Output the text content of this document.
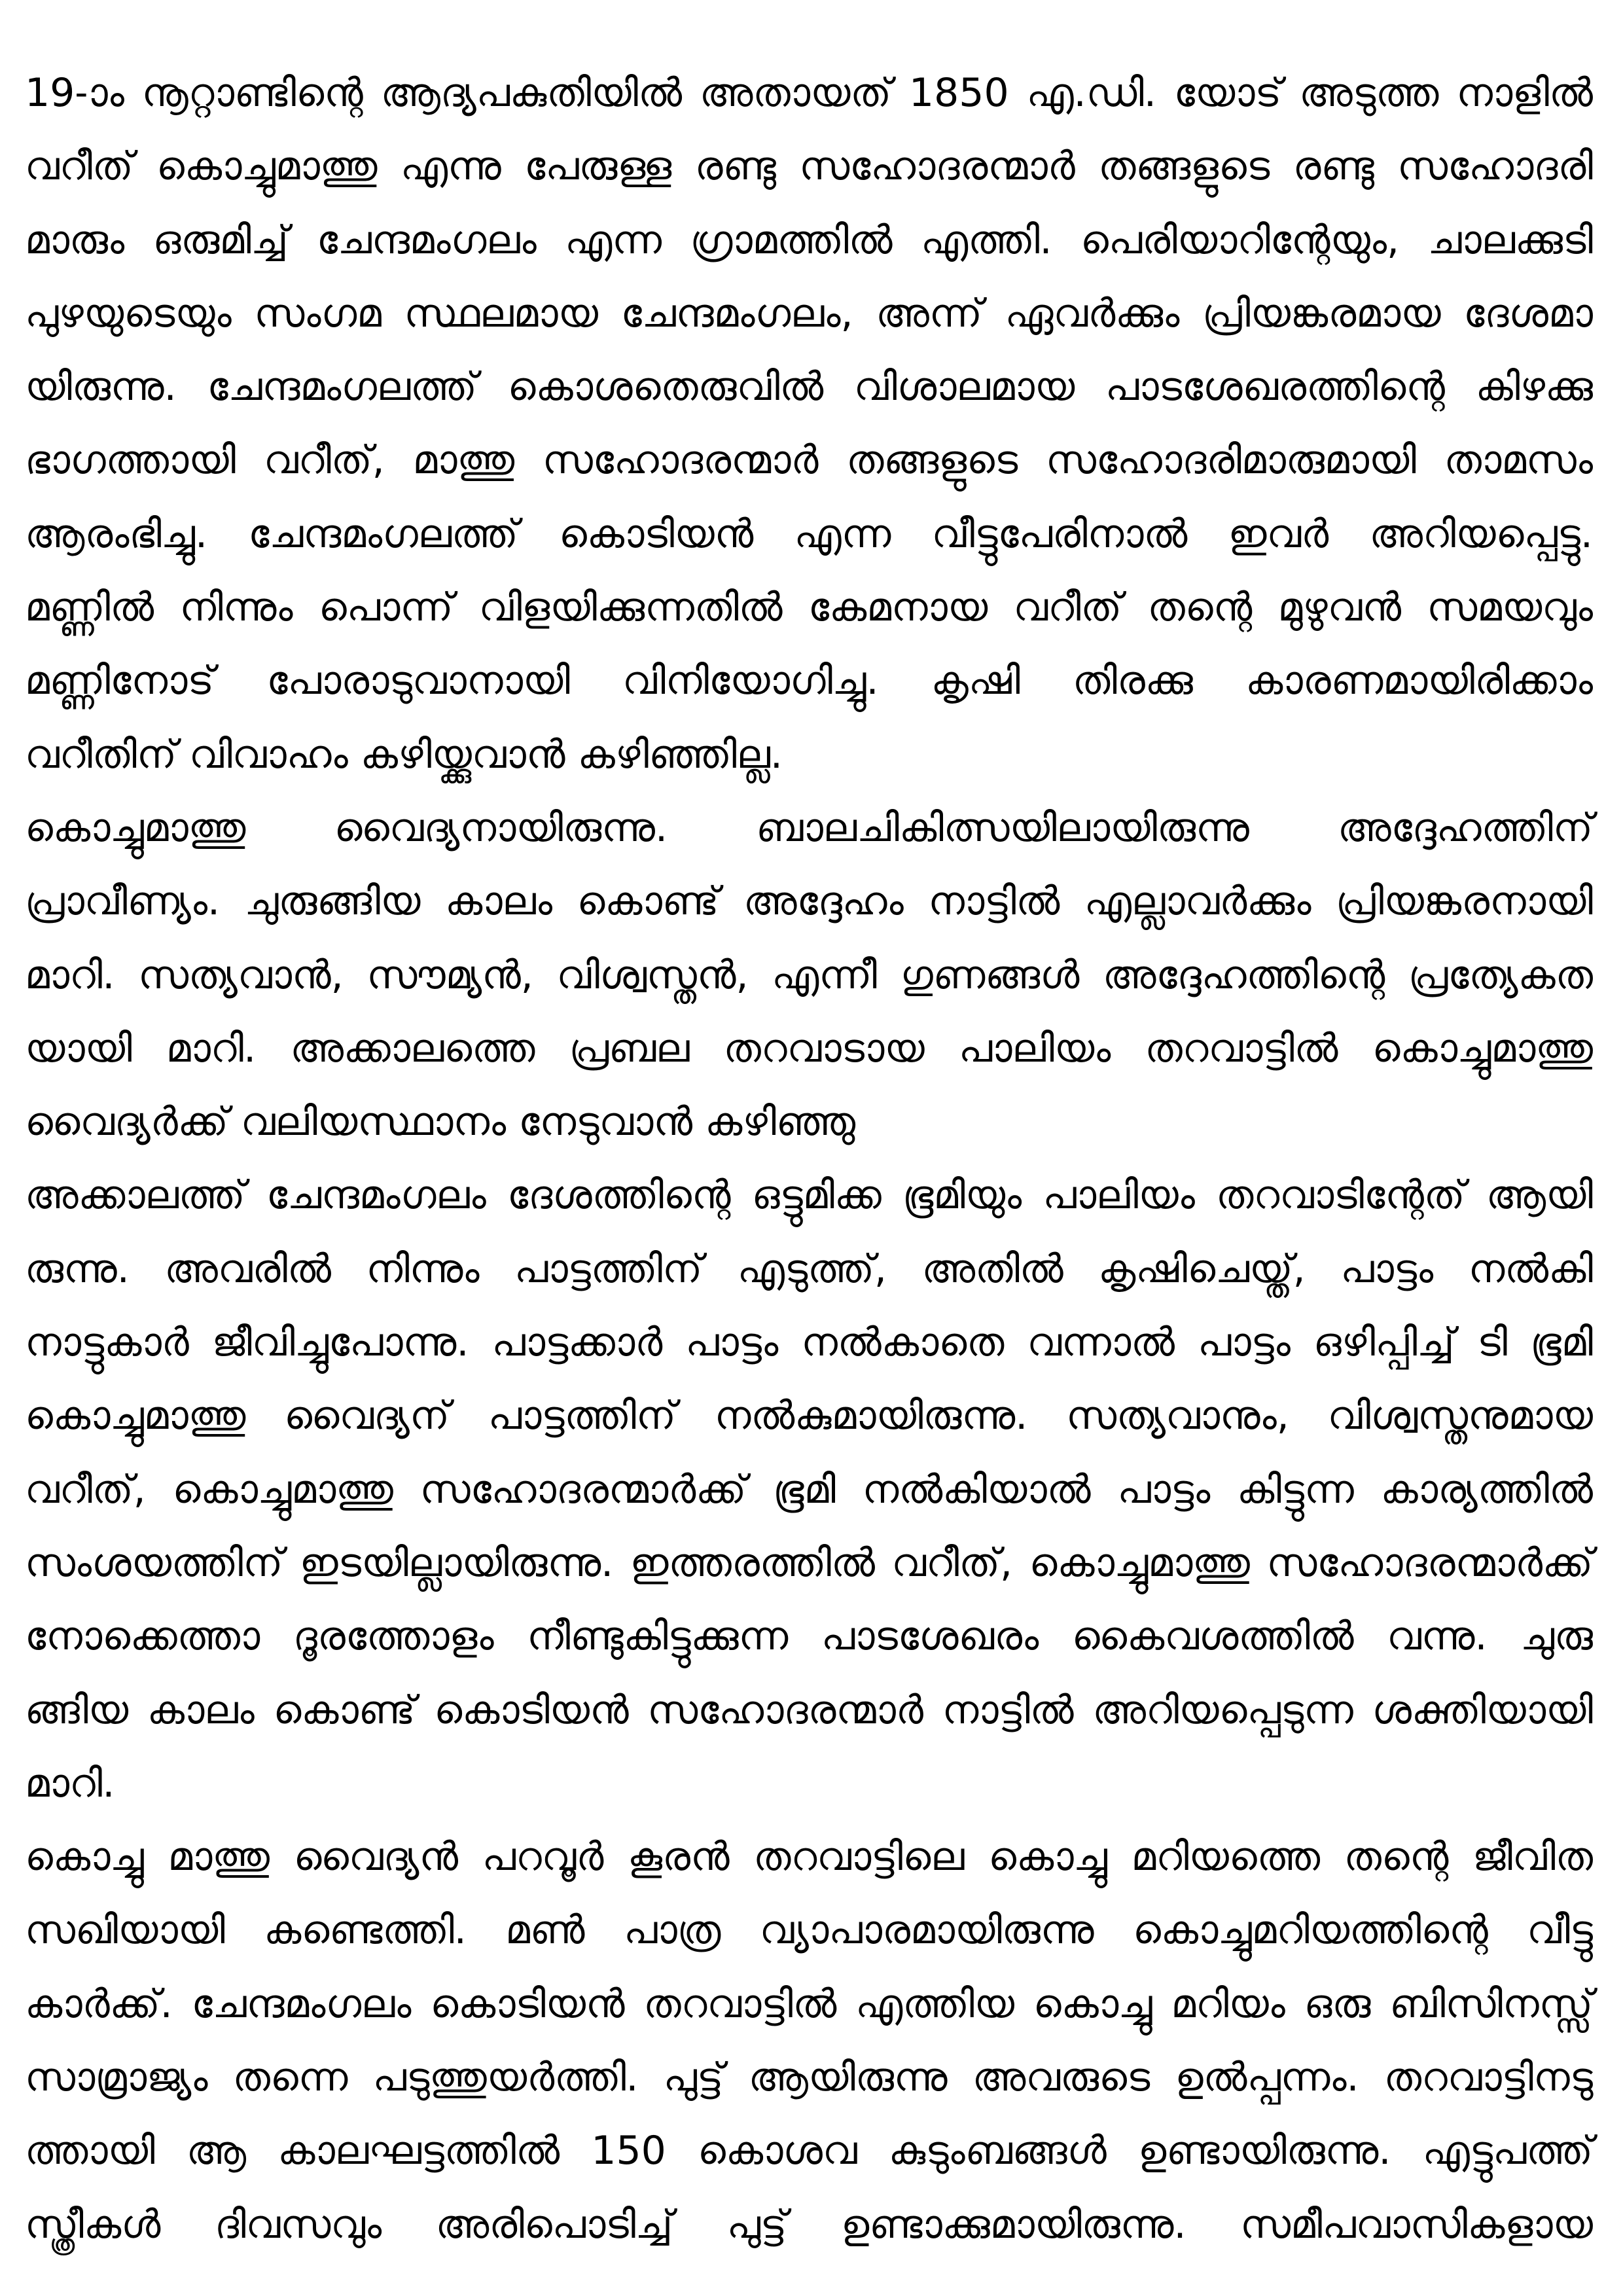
19-ാം നൂറ്റാണ്ടിന്റെ ആദ്യപകുതിയിൽ അതായത് 1850 എ.ഡി. യോട് അടുത്ത നാളിൽ
വറീത് കൊച്ചുമാത്തു എന്നു പേരുള്ള രണ്ടു സഹോദരന്മാർ തങ്ങളുടെ രണ്ടു സഹോദരി
മാരും ഒരുമിച്ച് ചേന്ദമംഗലം എന്ന ഗ്രാമത്തിൽ എത്തി. പെരിയാറിന്റേയും, ചാലക്കുടി
പുഴയുടെയും സംഗമ സ്ഥലമായ ചേന്ദമംഗലം, അന്ന് ഏവർക്കും പ്രിയങ്കരമായ ദേശമാ
യിരുന്നു. ചേന്ദമംഗലത്ത് കൊശതെരുവിൽ വിശാലമായ പാടശേഖരത്തിന്റെ കിഴക്കു
ഭാഗത്തായി വറീത്, മാത്തു സഹോദരന്മാർ തങ്ങളുടെ സഹോദരിമാരുമായി താമസം
ആരംഭിച്ചു. ചേന്ദമംഗലത്ത് കൊടിയൻ എന്ന വീട്ടുപേരിനാൽ ഇവർ അറിയപ്പെട്ടു.
മണ്ണിൽ നിന്നും പൊന്ന് വിളയിക്കുന്നതിൽ കേമനായ വറീത് തന്റെ മുഴുവൻ സമയവും
മണ്ണിനോട് പോരാടുവാനായി വിനിയോഗിച്ചു. കൃഷി തിരക്കു കാരണമായിരിക്കാം
വറീതിന് വിവാഹം കഴിയ്ക്കുവാൻ കഴിഞ്ഞില്ല.
കൊച്ചുമാത്തു വൈദ്യനായിരുന്നു. ബാലചികിത്സയിലായിരുന്നു അദ്ദേഹത്തിന്
പ്രാവീണ്യം. ചുരുങ്ങിയ കാലം കൊണ്ട് അദ്ദേഹം നാട്ടിൽ എല്ലാവർക്കും പ്രിയങ്കരനായി
മാറി. സത്യവാൻ, സൗമ്യൻ, വിശ്വസ്തൻ, എന്നീ ഗുണങ്ങൾ അദ്ദേഹത്തിന്റെ പ്രത്യേകത
യായി മാറി. അക്കാലത്തെ പ്രബല തറവാടായ പാലിയം തറവാട്ടിൽ കൊച്ചുമാത്തു
വൈദ്യർക്ക് വലിയസ്ഥാനം നേടുവാൻ കഴിഞ്ഞു
അക്കാലത്ത് ചേന്ദമംഗലം ദേശത്തിന്റെ ഒട്ടുമിക്ക ഭൂമിയും പാലിയം തറവാടിന്റേത് ആയി
രുന്നു. അവരിൽ നിന്നും പാട്ടത്തിന് എടുത്ത്, അതിൽ കൃഷിചെയ്ത്, പാട്ടം നൽകി
നാട്ടുകാർ ജീവിച്ചുപോന്നു. പാട്ടക്കാർ പാട്ടം നൽകാതെ വന്നാൽ പാട്ടം ഒഴിപ്പിച്ച് ടി ഭൂമി
കൊച്ചുമാത്തു വൈദ്യന് പാട്ടത്തിന് നൽകുമായിരുന്നു. സത്യവാനും, വിശ്വസ്തനുമായ
വറീത്, കൊച്ചുമാത്തു സഹോദരന്മാർക്ക് ഭൂമി നൽകിയാൽ പാട്ടം കിട്ടുന്ന കാര്യത്തിൽ
സംശയത്തിന് ഇടയില്ലായിരുന്നു. ഇത്തരത്തിൽ വറീത്, കൊച്ചുമാത്തു സഹോദരന്മാർക്ക്
നോക്കെത്താ ദൂരത്തോളം നീണ്ടുകിട്ടുക്കുന്ന പാടശേഖരം കൈവശത്തിൽ വന്നു. ചുരു
ങ്ങിയ കാലം കൊണ്ട് കൊടിയൻ സഹോദരന്മാർ നാട്ടിൽ അറിയപ്പെടുന്ന ശക്തിയായി
മാറി.
കൊച്ചു മാത്തു വൈദ്യൻ പറവൂർ കൂരൻ തറവാട്ടിലെ കൊച്ചു മറിയത്തെ തന്റെ ജീവിത
സഖിയായി കണ്ടെത്തി. മൺ പാത്ര വ്യാപാരമായിരുന്നു കൊച്ചുമറിയത്തിന്റെ വീട്ടു
കാർക്ക്. ചേന്ദമംഗലം കൊടിയൻ തറവാട്ടിൽ എത്തിയ കൊച്ചു മറിയം ഒരു ബിസിനസ്സ്
സാമ്രാജ്യം തന്നെ പടുത്തുയർത്തി. പുട്ട് ആയിരുന്നു അവരുടെ ഉൽപ്പന്നം. തറവാട്ടിനടു
ത്തായി ആ കാലഘട്ടത്തിൽ 150 കൊശവ കുടുംബങ്ങൾ ഉണ്ടായിരുന്നു. എട്ടുപത്ത്
സ്ത്രീകൾ ദിവസവും അരിപൊടിച്ച് പുട്ട് ഉണ്ടാക്കുമായിരുന്നു. സമീപവാസികളായ
